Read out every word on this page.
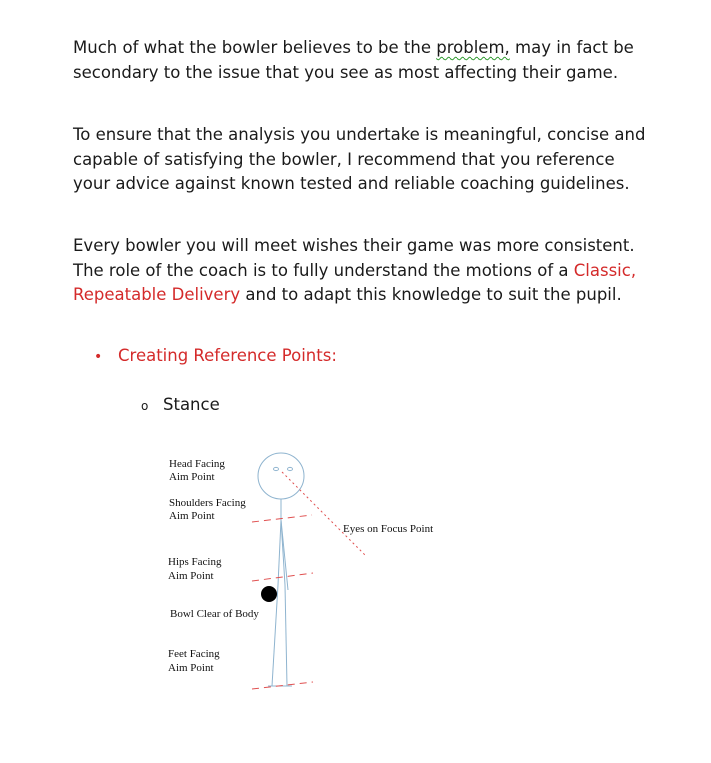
Much of what the bowler believes to be the problem, may in fact be secondary to the issue that you see as most affecting their game.

To ensure that the analysis you undertake is meaningful, concise and capable of satisfying the bowler, I recommend that you reference your advice against known tested and reliable coaching guidelines.

Every bowler you will meet wishes their game was more consistent. The role of the coach is to fully understand the motions of a Classic, Repeatable Delivery and to adapt this knowledge to suit the pupil.

• Creating Reference Points:
o Stance
Head Facing
Aim Point
Shoulders Facing
Aim Point
Eyes on Focus Point
Hips Facing
Aim Point
Bowl Clear of Body
Feet Facing
Aim Point
